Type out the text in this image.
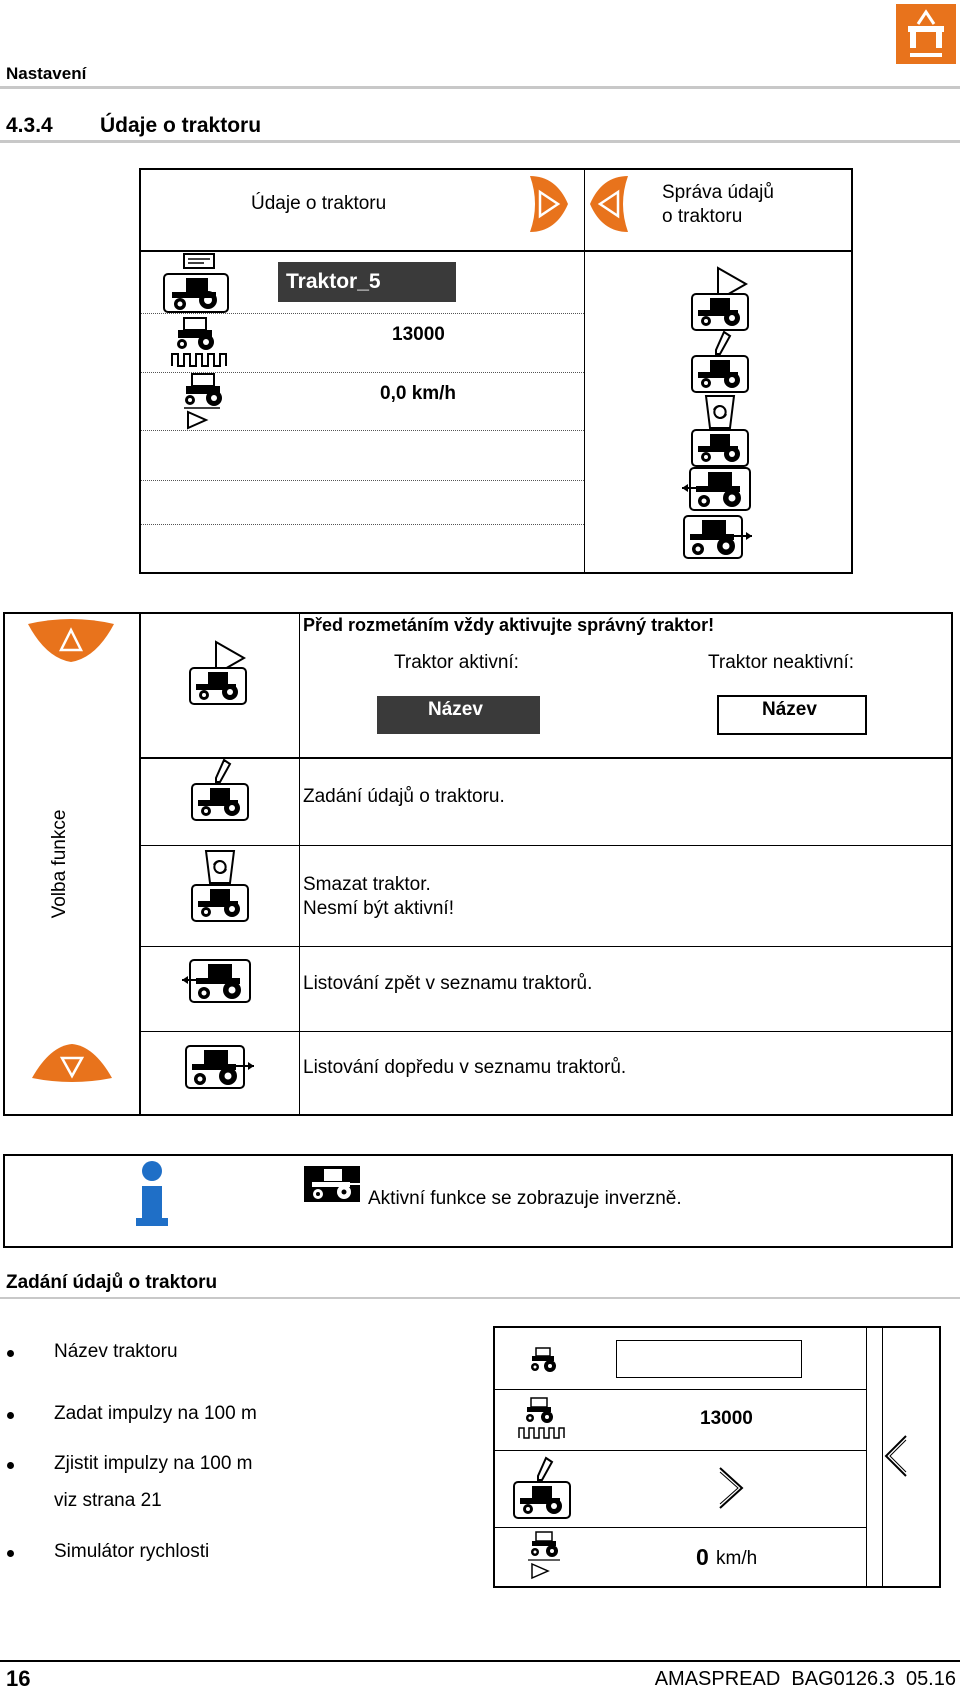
Nastavení
4.3.4 Údaje o traktoru
Údaje o traktoru
Správa údajů
o traktoru
Traktor_5
13000
0,0 km/h
Volba funkce
Před rozmetáním vždy aktivujte správný traktor!
Traktor aktivní:	Traktor neaktivní:
Název	Název
Zadání údajů o traktoru.
Smazat traktor.
Nesmí být aktivní!
Listování zpět v seznamu traktorů.
Listování dopředu v seznamu traktorů.
Aktivní funkce se zobrazuje inverzně.
Zadání údajů o traktoru
Název traktoru
Zadat impulzy na 100 m
Zjistit impulzy na 100 m
viz strana 21
Simulátor rychlosti
13000
0 km/h
16	AMASPREAD  BAG0126.3  05.16
